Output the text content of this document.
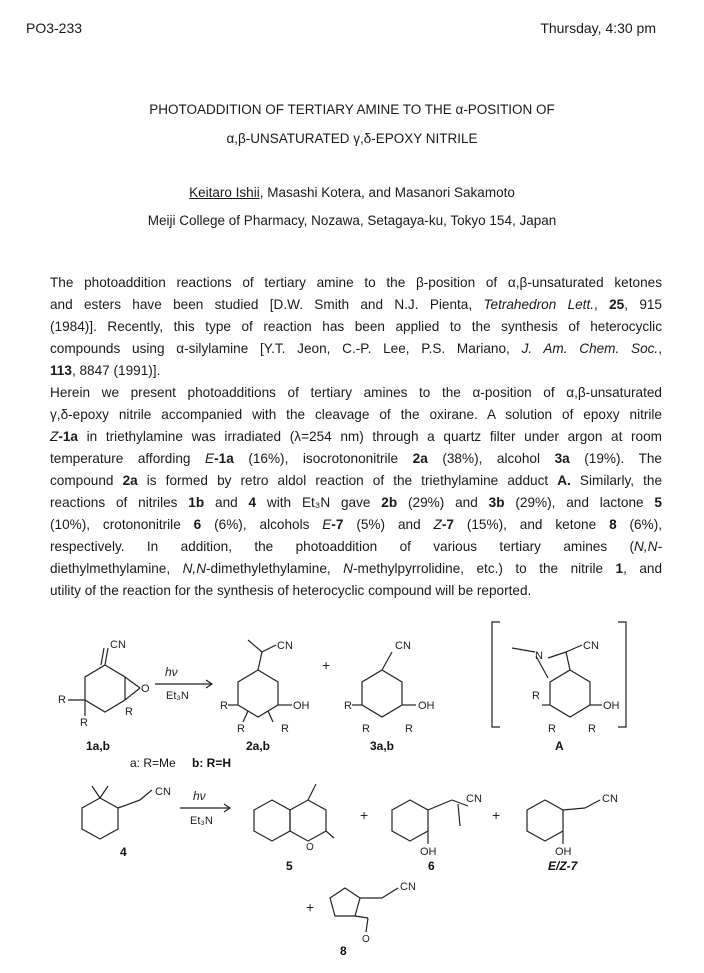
PO3-233	Thursday, 4:30 pm
PHOTOADDITION OF TERTIARY AMINE TO THE α-POSITION OF
α,β-UNSATURATED γ,δ-EPOXY NITRILE
Keitaro Ishii, Masashi Kotera, and Masanori Sakamoto
Meiji College of Pharmacy, Nozawa, Setagaya-ku, Tokyo 154, Japan
The photoaddition reactions of tertiary amine to the β-position of α,β-unsaturated ketones
and esters have been studied [D.W. Smith and N.J. Pienta, Tetrahedron Lett., 25, 915
(1984)]. Recently, this type of reaction has been applied to the synthesis of heterocyclic
compounds using α-silylamine [Y.T. Jeon, C.-P. Lee, P.S. Mariano, J. Am. Chem. Soc.,
113, 8847 (1991)].
Herein we present photoadditions of tertiary amines to the α-position of α,β-unsaturated
γ,δ-epoxy nitrile accompanied with the cleavage of the oxirane. A solution of epoxy nitrile
Z-1a in triethylamine was irradiated (λ=254 nm) through a quartz filter under argon at room
temperature affording E-1a (16%), isocrotononitrile 2a (38%), alcohol 3a (19%). The
compound 2a is formed by retro aldol reaction of the triethylamine adduct A. Similarly, the
reactions of nitriles 1b and 4 with Et₃N gave 2b (29%) and 3b (29%), and lactone 5
(10%), crotononitrile 6 (6%), alcohols E-7 (5%) and Z-7 (15%), and ketone 8 (6%),
respectively. In addition, the photoaddition of various tertiary amines (N,N-
diethylmethylamine, N,N-dimethylethylamine, N-methylpyrrolidine, etc.) to the nitrile 1, and
utility of the reaction for the synthesis of heterocyclic compound will be reported.
CN
O
R
R
R
hν
Et₃N
CN
OH
R
R	R
+
CN
OH
R
R	R
N
CN
OH
R
R	R
1a,b	2a,b	3a,b	A
a: R=Me b: R=H
CN hν
Et₃N
O
+
CN
OH
+
CN
OH
4
5	6	E/Z-7
8
+
CN
O
